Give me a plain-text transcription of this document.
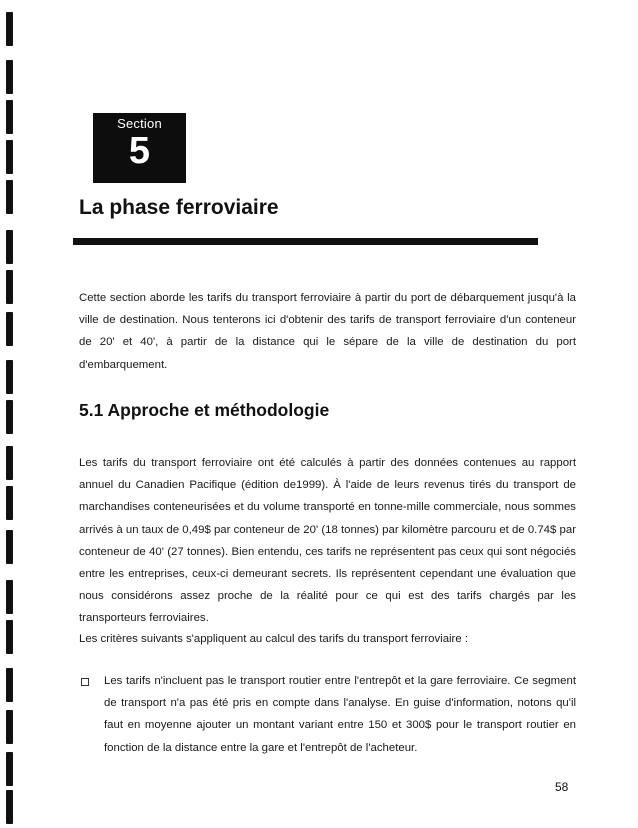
Section
5
La phase ferroviaire
Cette section aborde les tarifs du transport ferroviaire à partir du port de débarquement jusqu'à la ville de destination. Nous tenterons ici d'obtenir des tarifs de transport ferroviaire d'un conteneur de 20' et 40', à partir de la distance qui le sépare de la ville de destination du port d'embarquement.
5.1 Approche et méthodologie
Les tarifs du transport ferroviaire ont été calculés à partir des données contenues au rapport annuel du Canadien Pacifique (édition de1999). À l'aide de leurs revenus tirés du transport de marchandises conteneurisées et du volume transporté en tonne-mille commerciale, nous sommes arrivés à un taux de 0,49$ par conteneur de 20' (18 tonnes) par kilomètre parcouru et de 0.74$ par conteneur de 40' (27 tonnes). Bien entendu, ces tarifs ne représentent pas ceux qui sont négociés entre les entreprises, ceux-ci demeurant secrets. Ils représentent cependant une évaluation que nous considérons assez proche de la réalité pour ce qui est des tarifs chargés par les transporteurs ferroviaires.
Les critères suivants s'appliquent au calcul des tarifs du transport ferroviaire :
Les tarifs n'incluent pas le transport routier entre l'entrepôt et la gare ferroviaire. Ce segment de transport n'a pas été pris en compte dans l'analyse. En guise d'information, notons qu'il faut en moyenne ajouter un montant variant entre 150 et 300$ pour le transport routier en fonction de la distance entre la gare et l'entrepôt de l'acheteur.
58
